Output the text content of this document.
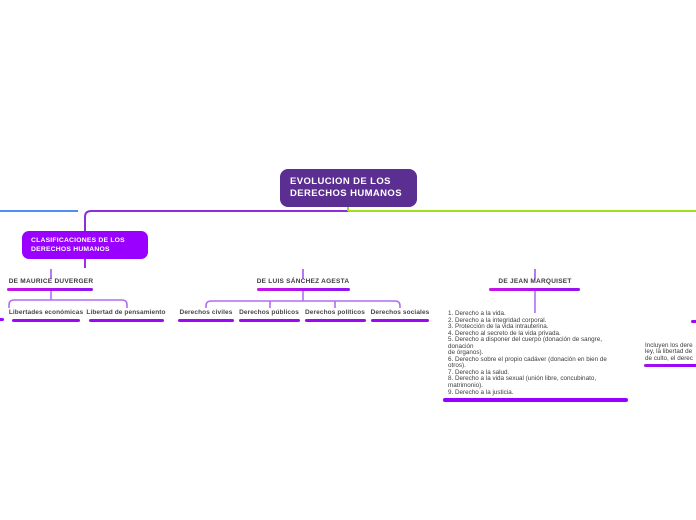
EVOLUCION DE LOS
DERECHOS HUMANOS
CLASIFICACIONES DE LOS
DERECHOS HUMANOS
DE MAURICE DUVERGER	DE LUIS SÁNCHEZ AGESTA	DE JEAN MARQUISET
Libertades económicas Libertad de pensamiento Derechos civiles Derechos públicos Derechos políticos Derechos sociales	1. Derecho a la vida.
2. Derecho a la integridad corporal.
3. Protección de la vida intrauterina.
4. Derecho al secreto de la vida privada.
5. Derecho a disponer del cuerpo (donación de sangre,
donación
de órganos).
6. Derecho sobre el propio cadáver (donación en bien de
otros).
7. Derecho a la salud.
8. Derecho a la vida sexual (unión libre, concubinato,
matrimonio).
9. Derecho a la justicia.
Incluyen los dere
ley, la libertad de
de culto, el derec
